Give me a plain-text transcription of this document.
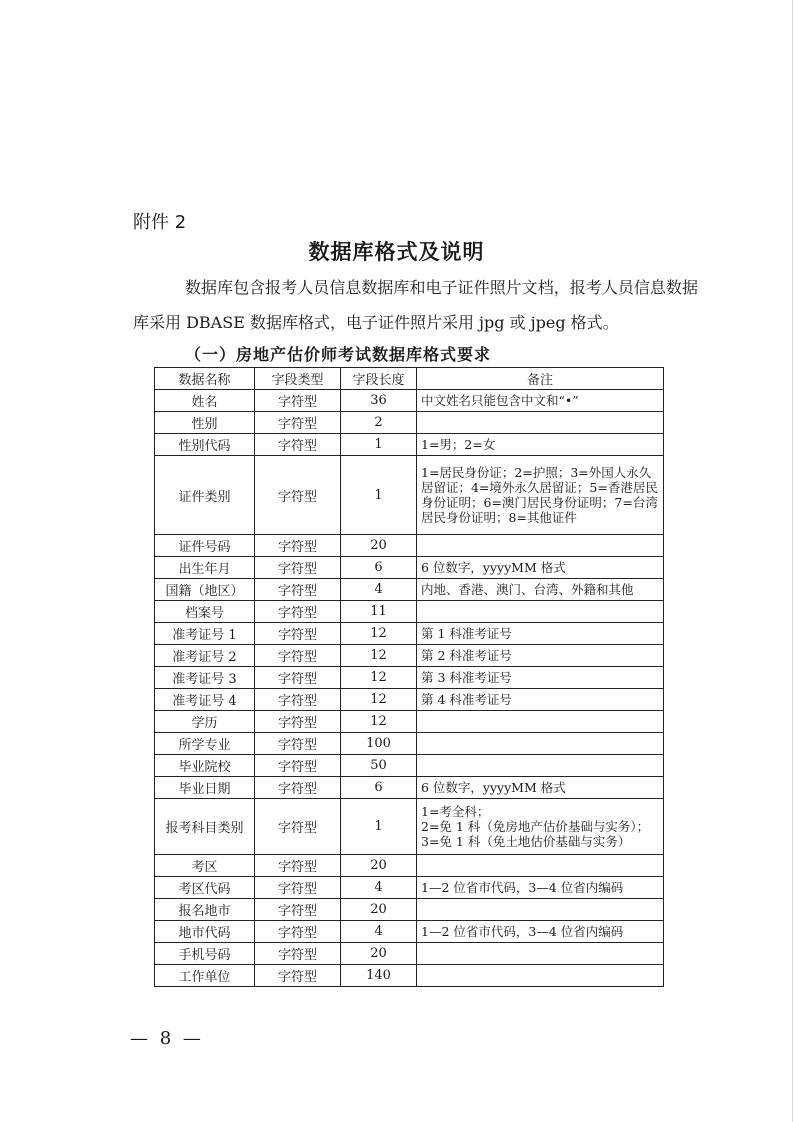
附件 2
数据库格式及说明
数据库包含报考人员信息数据库和电子证件照片文档，报考人员信息数据库采用 DBASE 数据库格式，电子证件照片采用 jpg 或 jpeg 格式。
（一）房地产估价师考试数据库格式要求
数据名称	字段类型	字段长度	备注
姓名	字符型	36	中文姓名只能包含中文和“•”
性别	字符型	2	
性别代码	字符型	1	1=男；2=女
证件类别	字符型	1	1=居民身份证；2=护照；3=外国人永久居留证；4=境外永久居留证；5=香港居民身份证明；6=澳门居民身份证明；7=台湾居民身份证明；8=其他证件
证件号码	字符型	20	
出生年月	字符型	6	6 位数字，yyyyMM 格式
国籍（地区）	字符型	4	内地、香港、澳门、台湾、外籍和其他
档案号	字符型	11	
准考证号 1	字符型	12	第 1 科准考证号
准考证号 2	字符型	12	第 2 科准考证号
准考证号 3	字符型	12	第 3 科准考证号
准考证号 4	字符型	12	第 4 科准考证号
学历	字符型	12	
所学专业	字符型	100	
毕业院校	字符型	50	
毕业日期	字符型	6	6 位数字，yyyyMM 格式
报考科目类别	字符型	1	1=考全科；
2=免 1 科（免房地产估价基础与实务）；
3=免 1 科（免土地估价基础与实务）
考区	字符型	20	
考区代码	字符型	4	1—2 位省市代码，3—4 位省内编码
报名地市	字符型	20	
地市代码	字符型	4	1—2 位省市代码，3—4 位省内编码
手机号码	字符型	20	
工作单位	字符型	140	
— 8 —
